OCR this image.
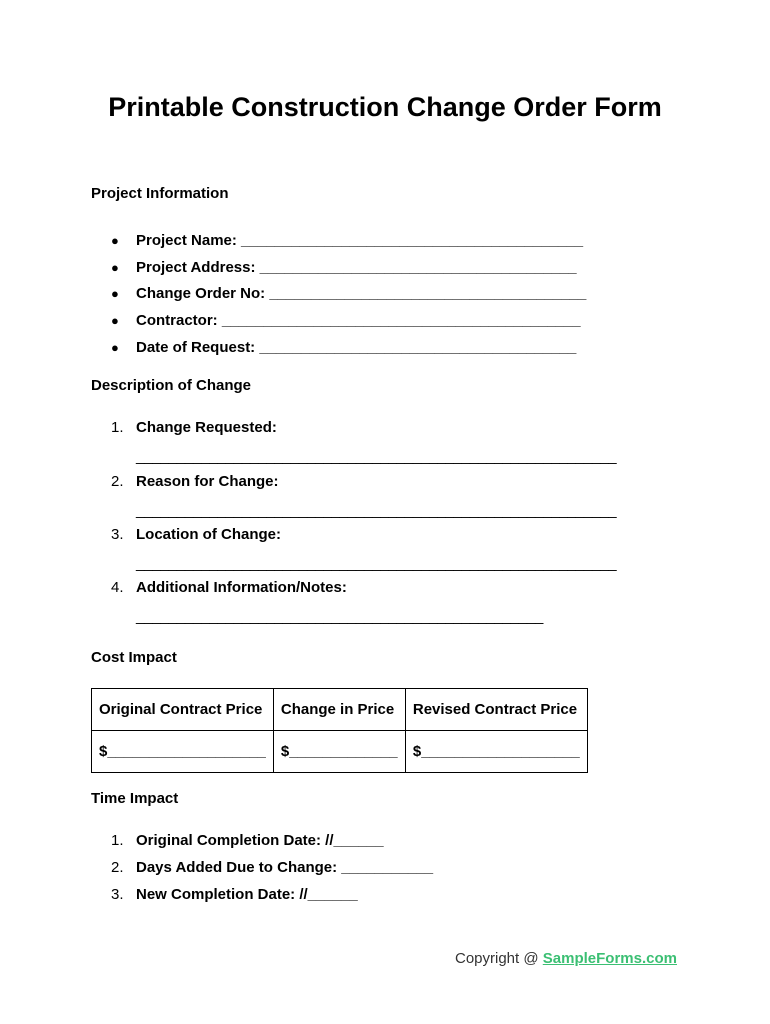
Printable Construction Change Order Form
Project Information
●	Project Name: _________________________________________
●	Project Address: ______________________________________
●	Change Order No: ______________________________________
●	Contractor: ___________________________________________
●	Date of Request: ______________________________________
Description of Change
1. Change Requested:
___________________________________________________________
2. Reason for Change:
___________________________________________________________
3. Location of Change:
___________________________________________________________
4. Additional Information/Notes:
__________________________________________________
Cost Impact
Original Contract Price	Change in Price	Revised Contract Price
$___________________	$_____________	$___________________
Time Impact
1. Original Completion Date: //______
2. Days Added Due to Change: ___________
3. New Completion Date: //______
Copyright @ SampleForms.com
